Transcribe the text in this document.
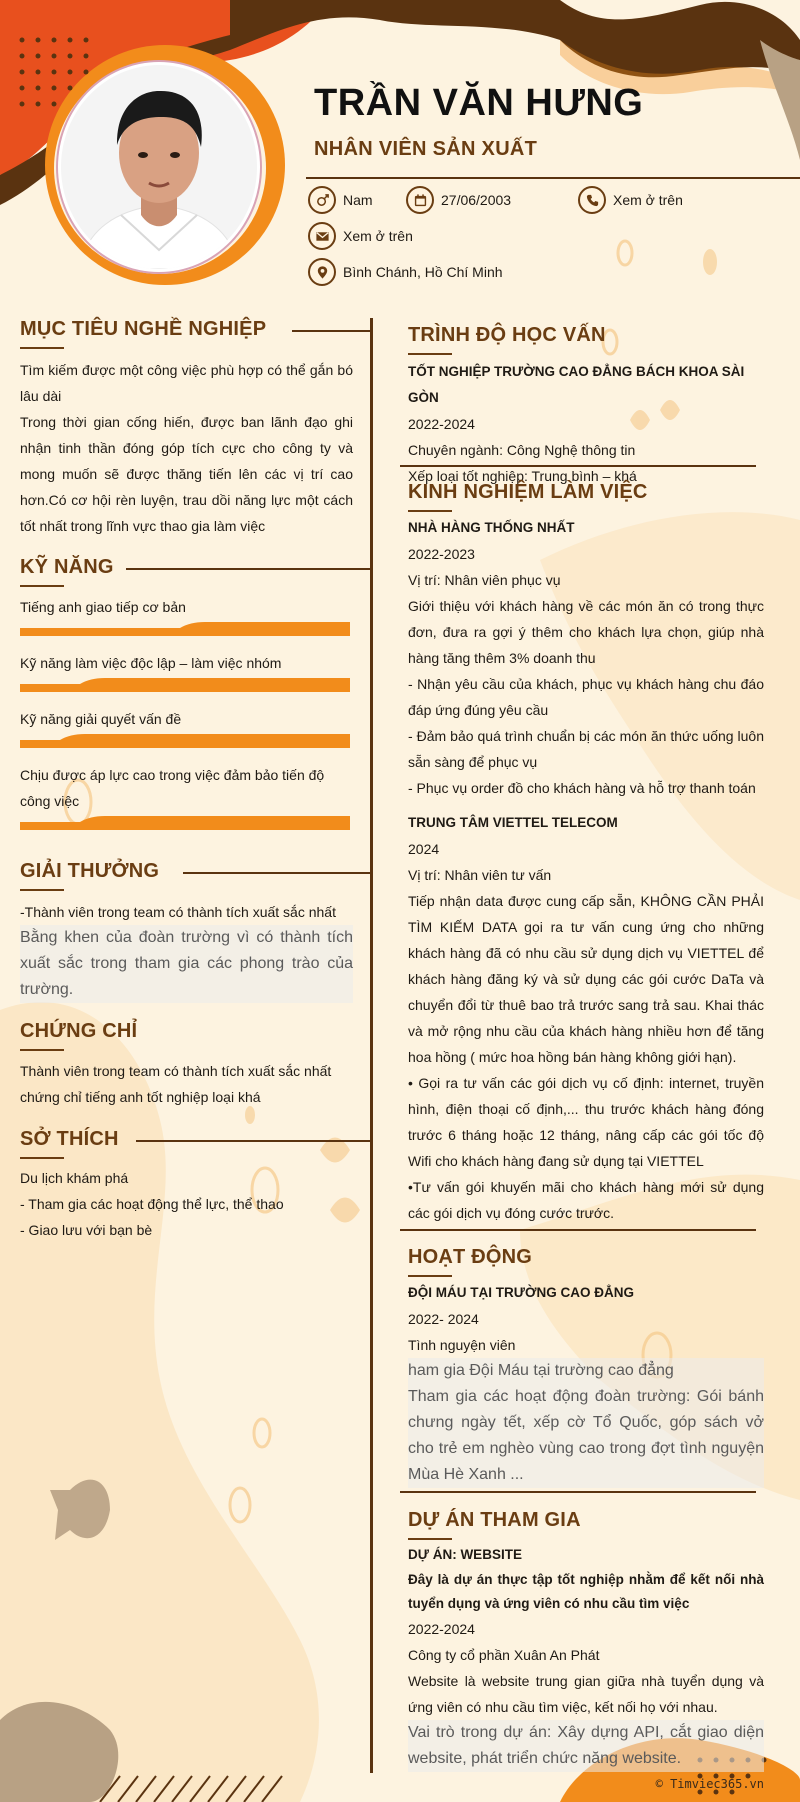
TRẦN VĂN HƯNG
NHÂN VIÊN SẢN XUẤT
Nam	27/06/2003	Xem ở trên
Xem ở trên
Bình Chánh, Hồ Chí Minh
MỤC TIÊU NGHỀ NGHIỆP

Tìm kiếm được một công việc phù hợp có thể gắn bó lâu dài

Trong thời gian cống hiến, được ban lãnh đạo ghi nhận tinh thần đóng góp tích cực cho công ty và mong muốn sẽ được thăng tiến lên các vị trí cao hơn.Có cơ hội rèn luyện, trau dồi năng lực một cách tốt nhất trong lĩnh vực thao gia làm việc

KỸ NĂNG
Tiếng anh giao tiếp cơ bản
Kỹ năng làm việc độc lập – làm việc nhóm
Kỹ năng giải quyết vấn đề
Chịu được áp lực cao trong việc đảm bảo tiến độ công việc
GIẢI THƯỞNG

-Thành viên trong team có thành tích xuất sắc nhất

Bằng khen của đoàn trường vì có thành tích xuất sắc trong tham gia các phong trào của trường.

CHỨNG CHỈ

Thành viên trong team có thành tích xuất sắc nhất

chứng chỉ tiếng anh tốt nghiệp loại khá

SỞ THÍCH

Du lịch khám phá

- Tham gia các hoạt động thể lực, thể thao

- Giao lưu với bạn bè

TRÌNH ĐỘ HỌC VẤN

TỐT NGHIỆP TRƯỜNG CAO ĐẲNG BÁCH KHOA SÀI GÒN

2022-2024

Chuyên ngành: Công Nghệ thông tin

Xếp loại tốt nghiệp: Trung bình – khá

KINH NGHIỆM LÀM VIỆC

NHÀ HÀNG THỐNG NHẤT

2022-2023

Vị trí: Nhân viên phục vụ

Giới thiệu với khách hàng về các món ăn có trong thực đơn, đưa ra gợi ý thêm cho khách lựa chọn, giúp nhà hàng tăng thêm 3% doanh thu

- Nhận yêu cầu của khách, phục vụ khách hàng chu đáo đáp ứng đúng yêu cầu

- Đảm bảo quá trình chuẩn bị các món ăn thức uống luôn sẵn sàng để phục vụ

- Phục vụ order đồ cho khách hàng và hỗ trợ thanh toán

TRUNG TÂM VIETTEL TELECOM

2024

Vị trí: Nhân viên tư vấn

Tiếp nhận data được cung cấp sẵn, KHÔNG CẦN PHẢI TÌM KIẾM DATA gọi ra tư vấn cung ứng cho những khách hàng đã có nhu cầu sử dụng dịch vụ VIETTEL để khách hàng đăng ký và sử dụng các gói cước DaTa và chuyển đổi từ thuê bao trả trước sang trả sau. Khai thác và mở rộng nhu cầu của khách hàng nhiều hơn để tăng hoa hồng ( mức hoa hồng bán hàng không giới hạn).

• Gọi ra tư vấn các gói dịch vụ cố định: internet, truyền hình, điện thoại cố định,... thu trước khách hàng đóng trước 6 tháng hoặc 12 tháng, nâng cấp các gói tốc độ Wifi cho khách hàng đang sử dụng tại VIETTEL

•Tư vấn gói khuyến mãi cho khách hàng mới sử dụng các gói dịch vụ đóng cước trước.

HOẠT ĐỘNG

ĐỘI MÁU TẠI TRƯỜNG CAO ĐẲNG

2022- 2024

Tình nguyện viên

ham gia Đội Máu tại trường cao đẳng

Tham gia các hoạt động đoàn trường: Gói bánh chưng ngày tết, xếp cờ Tổ Quốc, góp sách vở cho trẻ em nghèo vùng cao trong đợt tình nguyện Mùa Hè Xanh ...

DỰ ÁN THAM GIA

DỰ ÁN: WEBSITE

Đây là dự án thực tập tốt nghiệp nhằm để kết nối nhà tuyển dụng và ứng viên có nhu cầu tìm việc

2022-2024

Công ty cổ phần Xuân An Phát

Website là website trung gian giữa nhà tuyển dụng và ứng viên có nhu cầu tìm việc, kết nối họ với nhau.

Vai trò trong dự án: Xây dựng API, cắt giao diện website, phát triển chức năng website.

© Timviec365.vn
